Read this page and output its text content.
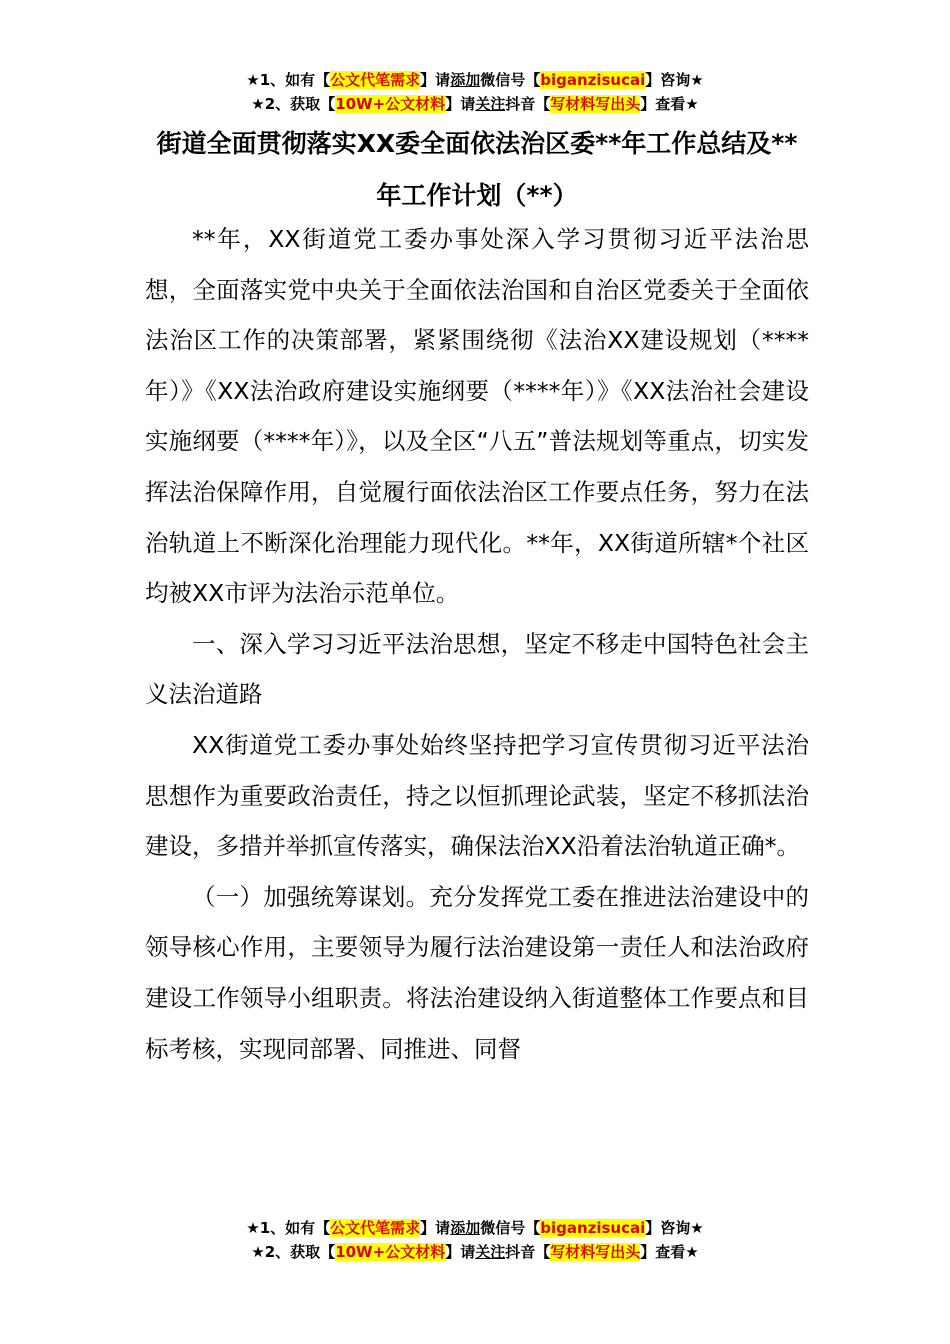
★1、如有【公文代笔需求】请添加微信号【biganzisucai】咨询★
★2、获取【10W+公文材料】请关注抖音【写材料写出头】查看★
街道全面贯彻落实XX委全面依法治区委**年工作总结及**年工作计划（**）

**年，XX街道党工委办事处深入学习贯彻习近平法治思想，全面落实党中央关于全面依法治国和自治区党委关于全面依法治区工作的决策部署，紧紧围绕彻《法治XX建设规划（****年）》《XX法治政府建设实施纲要（****年）》《XX法治社会建设实施纲要（****年）》，以及全区“八五”普法规划等重点，切实发挥法治保障作用，自觉履行面依法治区工作要点任务，努力在法治轨道上不断深化治理能力现代化。**年，XX街道所辖*个社区均被XX市评为法治示范单位。

一、深入学习习近平法治思想，坚定不移走中国特色社会主义法治道路

XX街道党工委办事处始终坚持把学习宣传贯彻习近平法治思想作为重要政治责任，持之以恒抓理论武装，坚定不移抓法治建设，多措并举抓宣传落实，确保法治XX沿着法治轨道正确*。

（一）加强统筹谋划。充分发挥党工委在推进法治建设中的领导核心作用，主要领导为履行法治建设第一责任人和法治政府建设工作领导小组职责。将法治建设纳入街道整体工作要点和目标考核，实现同部署、同推进、同督

★1、如有【公文代笔需求】请添加微信号【biganzisucai】咨询★
★2、获取【10W+公文材料】请关注抖音【写材料写出头】查看★
